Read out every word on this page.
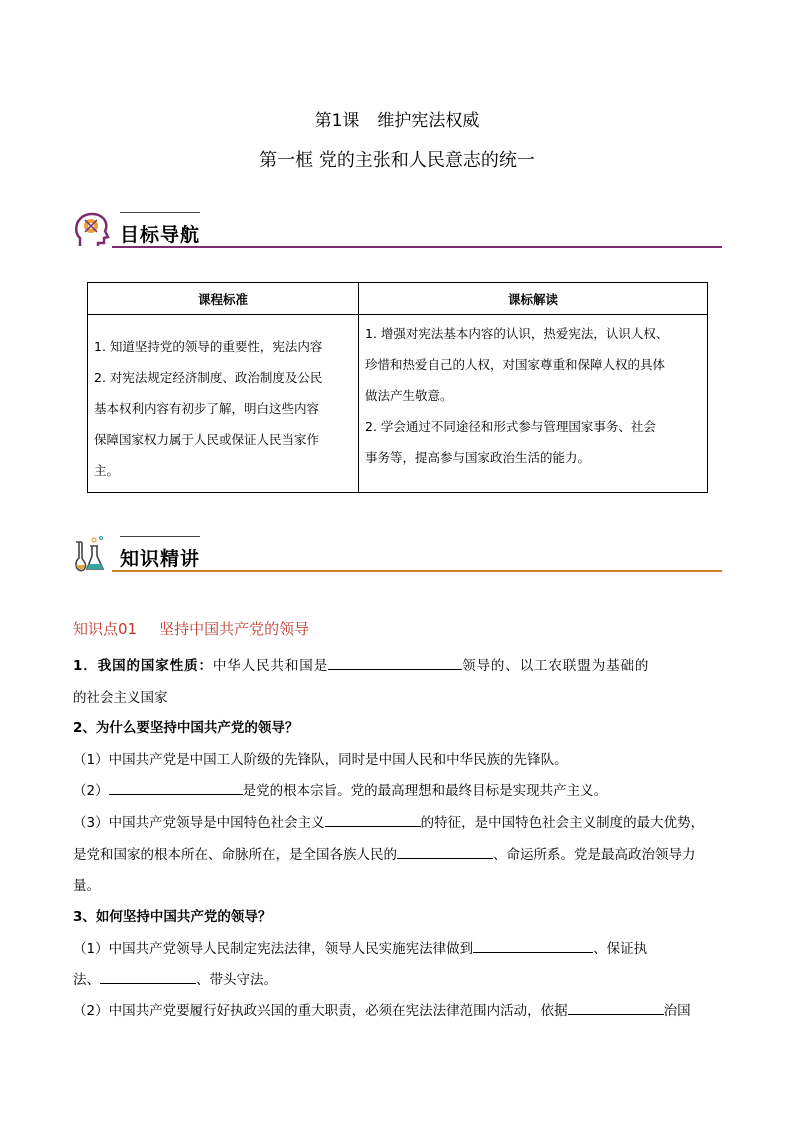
第1课 维护宪法权威
第一框 党的主张和人民意志的统一
目标导航
课程标准	课标解读

1. 知道坚持党的领导的重要性，宪法内容
2. 对宪法规定经济制度、政治制度及公民
基本权利内容有初步了解，明白这些内容
保障国家权力属于人民或保证人民当家作
主。	1. 增强对宪法基本内容的认识，热爱宪法，认识人权、
珍惜和热爱自己的人权，对国家尊重和保障人权的具体
做法产生敬意。
2. 学会通过不同途径和形式参与管理国家事务、社会
事务等，提高参与国家政治生活的能力。
知识精讲
知识点01 坚持中国共产党的领导
1．我国的国家性质：中华人民共和国是	领导的、以工农联盟为基础的
的社会主义国家
2、为什么要坚持中国共产党的领导？
（1）中国共产党是中国工人阶级的先锋队，同时是中国人民和中华民族的先锋队。
（2）	是党的根本宗旨。党的最高理想和最终目标是实现共产主义。
（3）中国共产党领导是中国特色社会主义	的特征，是中国特色社会主义制度的最大优势，
是党和国家的根本所在、命脉所在，是全国各族人民的	、命运所系。党是最高政治领导力
量。
3、如何坚持中国共产党的领导？
（1）中国共产党领导人民制定宪法法律，领导人民实施宪法律做到	、保证执
法、	、带头守法。
（2）中国共产党要履行好执政兴国的重大职责，必须在宪法法律范围内活动，依据	治国
